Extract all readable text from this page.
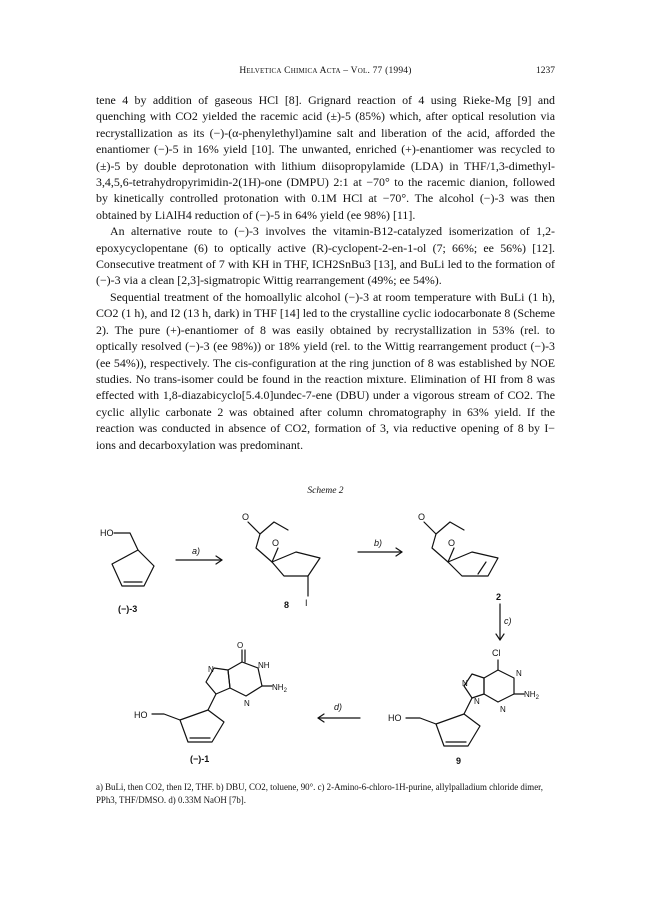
Helvetica Chimica Acta – Vol. 77 (1994)	1237

tene 4 by addition of gaseous HCl [8]. Grignard reaction of 4 using Rieke-Mg [9] and quenching with CO2 yielded the racemic acid (±)-5 (85%) which, after optical resolution via recrystallization as its (−)-(α-phenylethyl)amine salt and liberation of the acid, afforded the enantiomer (−)-5 in 16% yield [10]. The unwanted, enriched (+)-enantiomer was recycled to (±)-5 by double deprotonation with lithium diisopropylamide (LDA) in THF/1,3-dimethyl-3,4,5,6-tetrahydropyrimidin-2(1H)-one (DMPU) 2:1 at −70° to the racemic dianion, followed by kinetically controlled protonation with 0.1M HCl at −70°. The alcohol (−)-3 was then obtained by LiAlH4 reduction of (−)-5 in 64% yield (ee 98%) [11].

An alternative route to (−)-3 involves the vitamin-B12-catalyzed isomerization of 1,2-epoxycyclopentane (6) to optically active (R)-cyclopent-2-en-1-ol (7; 66%; ee 56%) [12]. Consecutive treatment of 7 with KH in THF, ICH2SnBu3 [13], and BuLi led to the formation of (−)-3 via a clean [2,3]-sigmatropic Wittig rearrangement (49%; ee 54%).

Sequential treatment of the homoallylic alcohol (−)-3 at room temperature with BuLi (1 h), CO2 (1 h), and I2 (13 h, dark) in THF [14] led to the crystalline cyclic iodocarbonate 8 (Scheme 2). The pure (+)-enantiomer of 8 was easily obtained by recrystallization in 53% (rel. to optically resolved (−)-3 (ee 98%)) or 18% yield (rel. to the Wittig rearrangement product (−)-3 (ee 54%)), respectively. The cis-configuration at the ring junction of 8 was established by NOE studies. No trans-isomer could be found in the reaction mixture. Elimination of HI from 8 was effected with 1,8-diazabicyclo[5.4.0]undec-7-ene (DBU) under a vigorous stream of CO2. The cyclic allylic carbonate 2 was obtained after column chromatography in 63% yield. If the reaction was conducted in absence of CO2, formation of 3, via reductive opening of 8 by I− ions and decarboxylation was predominant.

Scheme 2
HO
(−)-3
a)
O
O
I
8
b)
O
O
2
c)
Cl
N
N
N
N
$NH_2$
HO
9
d)
O
NH
$NH_2$
N
N
HO
(−)-1
a) BuLi, then CO2, then I2, THF. b) DBU, CO2, toluene, 90°. c) 2-Amino-6-chloro-1H-purine, allylpalladium chloride dimer, PPh3, THF/DMSO. d) 0.33M NaOH [7b].
